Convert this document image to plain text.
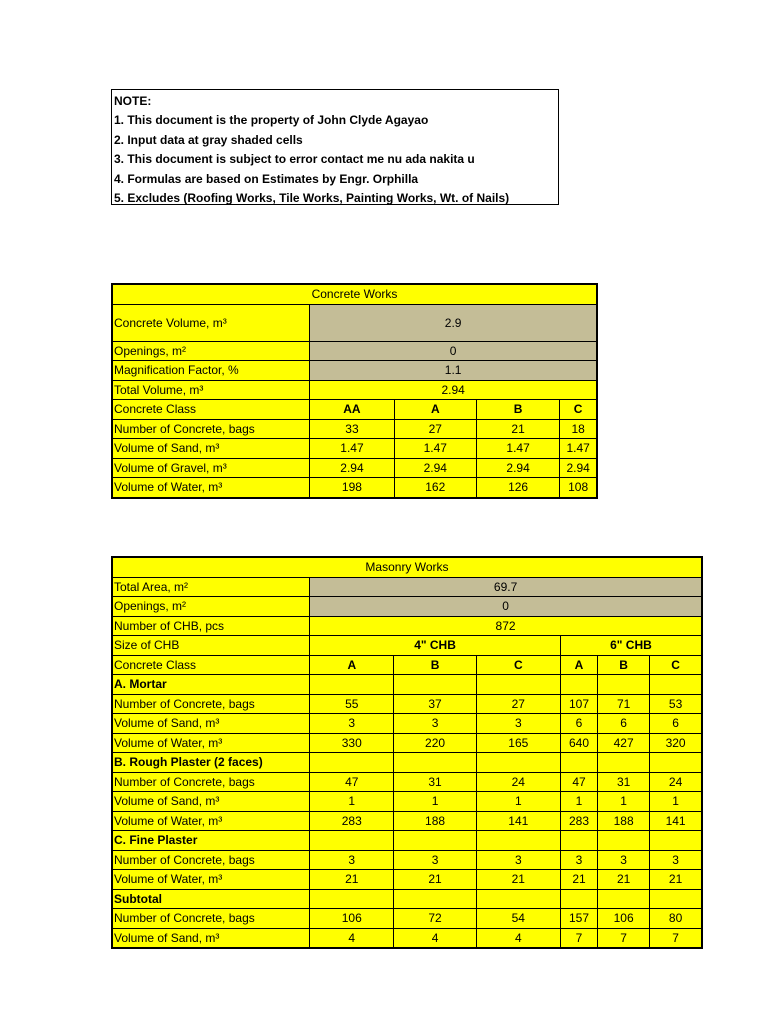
NOTE:
1. This document is the property of John Clyde Agayao
2. Input data at gray shaded cells
3. This document is subject to error contact me nu ada nakita u
4. Formulas are based on Estimates by Engr. Orphilla
5. Excludes (Roofing Works, Tile Works, Painting Works, Wt. of Nails)
Concrete Works				
Concrete Volume, m³	2.9			
Openings, m²	0			
Magnification Factor, %	1.1			
Total Volume, m³	2.94			
Concrete Class	AA	A	B	C
Number of Concrete, bags	33	27	21	18
Volume of Sand, m³	1.47	1.47	1.47	1.47
Volume of Gravel, m³	2.94	2.94	2.94	2.94
Volume of Water, m³	198	162	126	108
Masonry Works						
Total Area, m²	69.7					
Openings, m²	0					
Number of CHB, pcs	872					
Size of CHB	4" CHB			6" CHB		
Concrete Class	A	B	C	A	B	C
A. Mortar						
Number of Concrete, bags	55	37	27	107	71	53
Volume of Sand, m³	3	3	3	6	6	6
Volume of Water, m³	330	220	165	640	427	320
B. Rough Plaster (2 faces)						
Number of Concrete, bags	47	31	24	47	31	24
Volume of Sand, m³	1	1	1	1	1	1
Volume of Water, m³	283	188	141	283	188	141
C. Fine Plaster						
Number of Concrete, bags	3	3	3	3	3	3
Volume of Water, m³	21	21	21	21	21	21
Subtotal						
Number of Concrete, bags	106	72	54	157	106	80
Volume of Sand, m³	4	4	4	7	7	7
